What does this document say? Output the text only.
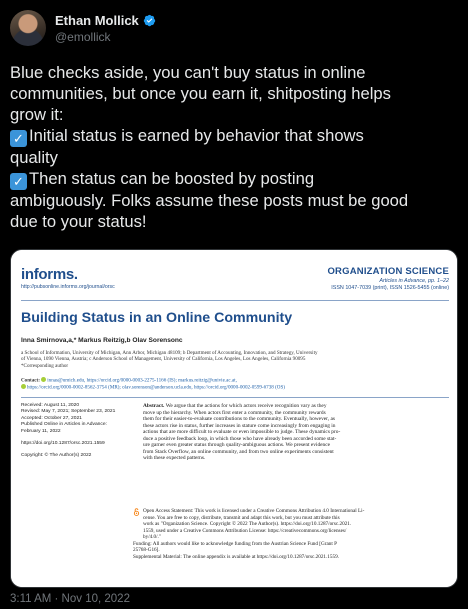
Ethan Mollick
@emollick
Blue checks aside, you can't buy status in online
communities, but once you earn it, shitposting helps
grow it:
✓ Initial status is earned by behavior that shows
quality
✓ Then status can be boosted by posting
ambiguously. Folks assume these posts must be good
due to your status!
informs.
http://pubsonline.informs.org/journal/orsc
ORGANIZATION SCIENCE
Articles in Advance, pp. 1–22
ISSN 1047-7039 (print), ISSN 1526-5455 (online)
Building Status in an Online Community
Inna Smirnova,a,* Markus Reitzig,b Olav Sorensonc
a School of Information, University of Michigan, Ann Arbor, Michigan 48109; b Department of Accounting, Innovation, and Strategy, University
of Vienna, 1090 Vienna, Austria; c Anderson School of Management, University of California, Los Angeles, Los Angeles, California 90095
*Corresponding author
Contact: innas@umich.edu, https://orcid.org/0000-0003-2275-1166 (IS); markus.reitzig@univie.ac.at,
https://orcid.org/0000-0002-8562-3754 (MR); olav.sorenson@anderson.ucla.edu, https://orcid.org/0000-0002-0599-6738 (OS)
Received: August 11, 2020
Revised: May 7, 2021; September 23, 2021
Accepted: October 27, 2021
Published Online in Articles in Advance:
February 11, 2022
https://doi.org/10.1287/orsc.2021.1559
Copyright: © The Author(s) 2022
Abstract. We argue that the actions for which actors receive recognition vary as they
move up the hierarchy. When actors first enter a community, the community rewards
them for their easier-to-evaluate contributions to the community. Eventually, however, as
these actors rise in status, further increases in stature come increasingly from engaging in
actions that are more difficult to evaluate or even impossible to judge. These dynamics pro-
duce a positive feedback loop, in which those who have already been accorded some stat-
ure garner even greater status through quality-ambiguous actions. We present evidence
from Stack Overflow, an online community, and from two online experiments consistent
with these expected patterns.
Open Access Statement: This work is licensed under a Creative Commons Attribution 4.0 International Li-
cense. You are free to copy, distribute, transmit and adapt this work, but you must attribute this
work as "Organization Science. Copyright © 2022 The Author(s). https://doi.org/10.1287/orsc.2021.
1559, used under a Creative Commons Attribution License: https://creativecommons.org/licenses/
by/4.0/."
Funding: All authors would like to acknowledge funding from the Austrian Science Fund [Grant P
25768-G16].
Supplemental Material: The online appendix is available at https://doi.org/10.1287/orsc.2021.1559.
3:11 AM · Nov 10, 2022
